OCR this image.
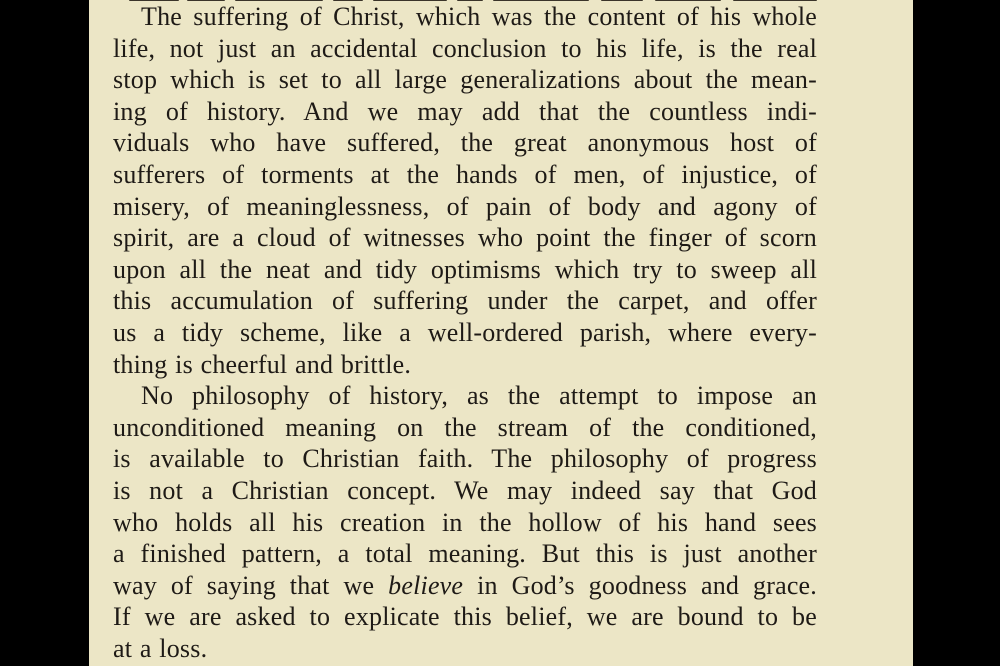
The suffering of Christ, which was the content of his whole
life, not just an accidental conclusion to his life, is the real
stop which is set to all large generalizations about the mean-
ing of history. And we may add that the countless indi-
viduals who have suffered, the great anonymous host of
sufferers of torments at the hands of men, of injustice, of
misery, of meaninglessness, of pain of body and agony of
spirit, are a cloud of witnesses who point the finger of scorn
upon all the neat and tidy optimisms which try to sweep all
this accumulation of suffering under the carpet, and offer
us a tidy scheme, like a well-ordered parish, where every-
thing is cheerful and brittle.
No philosophy of history, as the attempt to impose an
unconditioned meaning on the stream of the conditioned,
is available to Christian faith. The philosophy of progress
is not a Christian concept. We may indeed say that God
who holds all his creation in the hollow of his hand sees
a finished pattern, a total meaning. But this is just another
way of saying that we believe in God’s goodness and grace.
If we are asked to explicate this belief, we are bound to be
at a loss.
